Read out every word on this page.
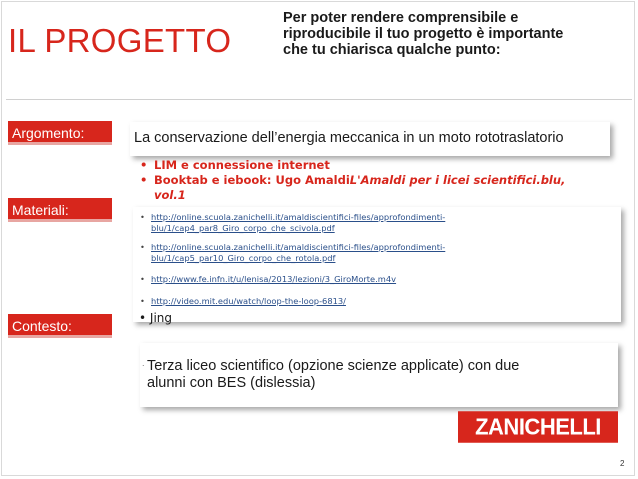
IL PROGETTO
Per poter rendere comprensibile e
riproducibile il tuo progetto è importante
che tu chiarisca qualche punto:
Argomento:	La conservazione dell’energia meccanica in un moto rototraslatorio
Materiali:
• LIM e connessione internet
• Booktab e iebook: Ugo Amaldi L'Amaldi per i licei scientifici.blu,
vol.1
• http://online.scuola.zanichelli.it/amaldiscientifici-files/approfondimenti-
blu/1/cap4_par8_Giro_corpo_che_scivola.pdf
• http://online.scuola.zanichelli.it/amaldiscientifici-files/approfondimenti-
blu/1/cap5_par10_Giro_corpo_che_rotola.pdf
• http://www.fe.infn.it/u/lenisa/2013/lezioni/3_GiroMorte.m4v
• http://video.mit.edu/watch/loop-the-loop-6813/
• Jing
Contesto:
. Terza liceo scientifico (opzione scienze applicate) con due
alunni con BES (dislessia)
ZANICHELLI
2
